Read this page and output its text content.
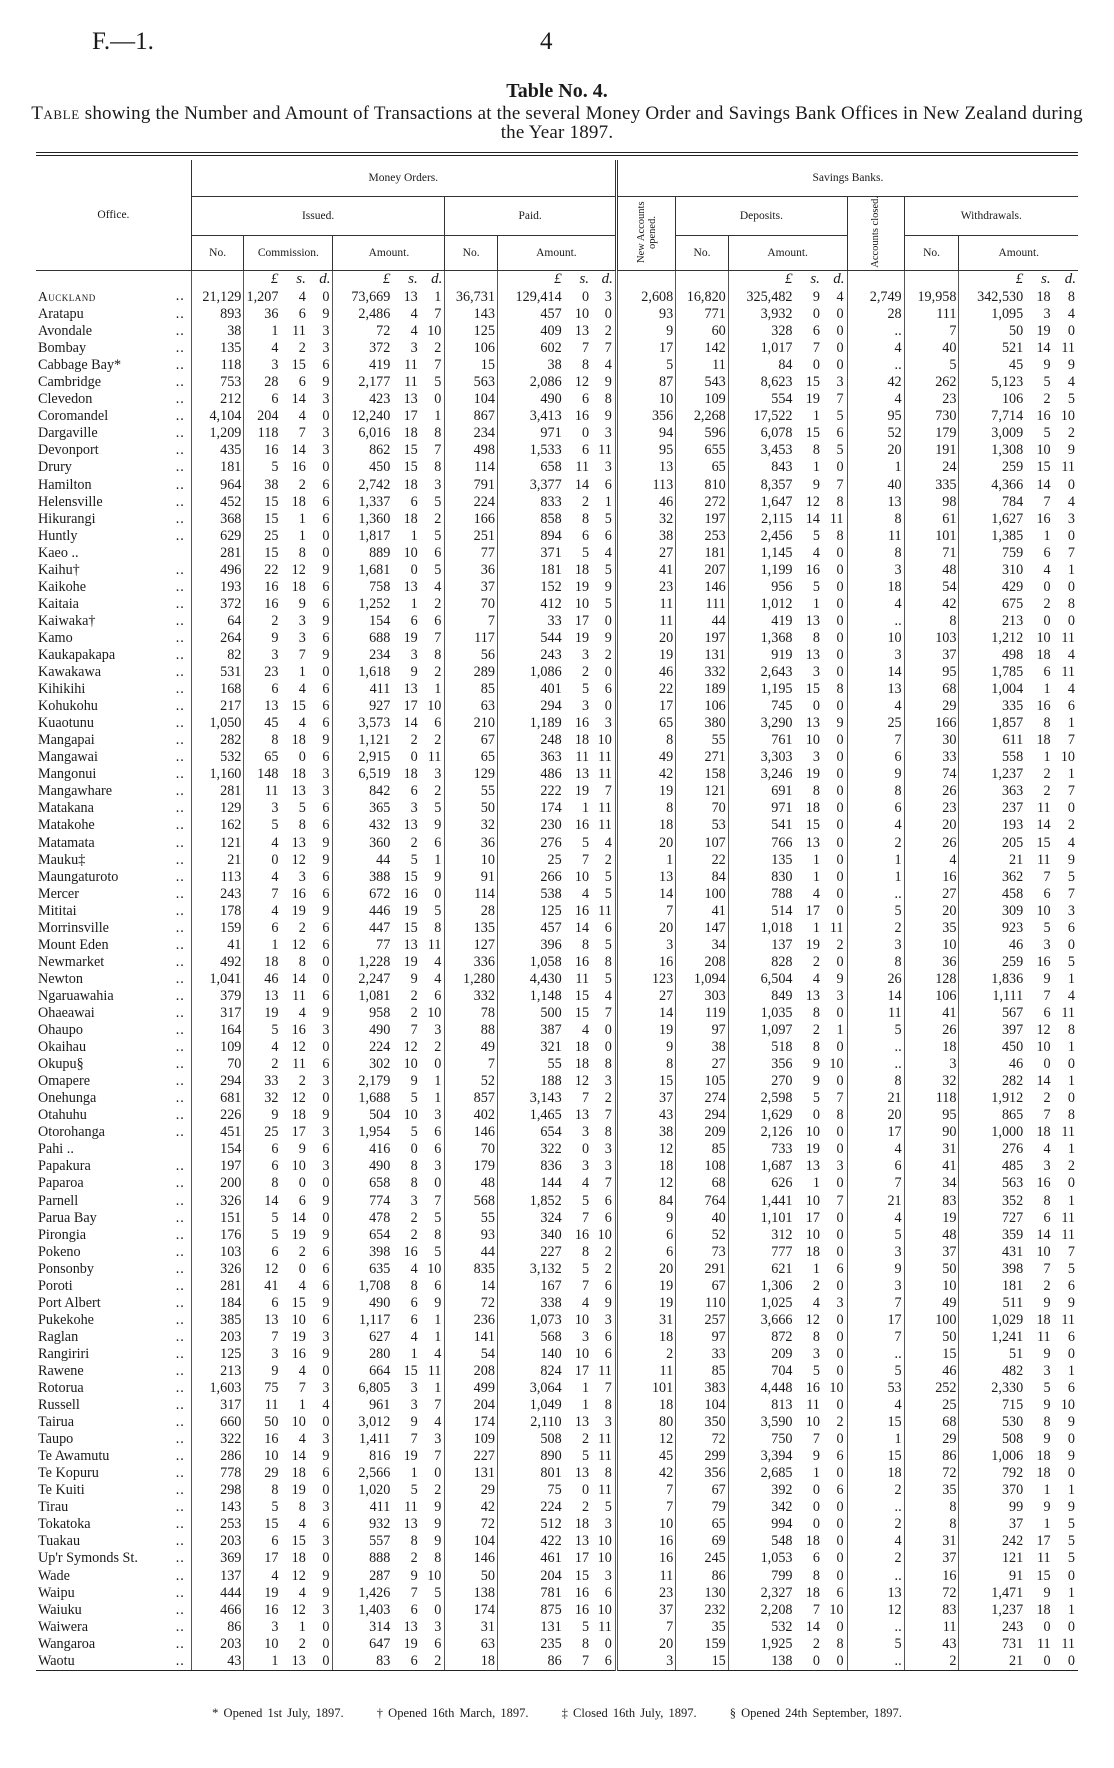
F.—1.	4
Table No. 4.
Table showing the Number and Amount of Transactions at the several Money Order and Savings Bank Offices in New Zealand during the Year 1897.
Office.	Money Orders.											Savings Banks.									
	Issued.							Paid.				New Accounts opened.	Deposits.				Accounts closed.	Withdrawals.			
	No.	Commission.			Amount.			No.	Amount.				No.	Amount.				No.	Amount.		
		£	s.	d.	£	s.	d.		£	s.	d.			£	s.	d.			£	s.	d.
Auckland ..	21,129	1,207	4	0	73,669	13	1	36,731	129,414	0	3	2,608	16,820	325,482	9	4	2,749	19,958	342,530	18	8
Aratapu ..	893	36	6	9	2,486	4	7	143	457	10	0	93	771	3,932	0	0	28	111	1,095	3	4
Avondale ..	38	1	11	3	72	4	10	125	409	13	2	9	60	328	6	0	..	7	50	19	0
Bombay ..	135	4	2	3	372	3	2	106	602	7	7	17	142	1,017	7	0	4	40	521	14	11
Cabbage Bay* ..	118	3	15	6	419	11	7	15	38	8	4	5	11	84	0	0	..	5	45	9	9
Cambridge ..	753	28	6	9	2,177	11	5	563	2,086	12	9	87	543	8,623	15	3	42	262	5,123	5	4
Clevedon ..	212	6	14	3	423	13	0	104	490	6	8	10	109	554	19	7	4	23	106	2	5
Coromandel ..	4,104	204	4	0	12,240	17	1	867	3,413	16	9	356	2,268	17,522	1	5	95	730	7,714	16	10
Dargaville ..	1,209	118	7	3	6,016	18	8	234	971	0	3	94	596	6,078	15	6	52	179	3,009	5	2
Devonport ..	435	16	14	3	862	15	7	498	1,533	6	11	95	655	3,453	8	5	20	191	1,308	10	9
Drury ..	181	5	16	0	450	15	8	114	658	11	3	13	65	843	1	0	1	24	259	15	11
Hamilton ..	964	38	2	6	2,742	18	3	791	3,377	14	6	113	810	8,357	9	7	40	335	4,366	14	0
Helensville ..	452	15	18	6	1,337	6	5	224	833	2	1	46	272	1,647	12	8	13	98	784	7	4
Hikurangi ..	368	15	1	6	1,360	18	2	166	858	8	5	32	197	2,115	14	11	8	61	1,627	16	3
Huntly ..	629	25	1	0	1,817	1	5	251	894	6	6	38	253	2,456	5	8	11	101	1,385	1	0
Kaeo ..	281	15	8	0	889	10	6	77	371	5	4	27	181	1,145	4	0	8	71	759	6	7
Kaihu† ..	496	22	12	9	1,681	0	5	36	181	18	5	41	207	1,199	16	0	3	48	310	4	1
Kaikohe ..	193	16	18	6	758	13	4	37	152	19	9	23	146	956	5	0	18	54	429	0	0
Kaitaia ..	372	16	9	6	1,252	1	2	70	412	10	5	11	111	1,012	1	0	4	42	675	2	8
Kaiwaka† ..	64	2	3	9	154	6	6	7	33	17	0	11	44	419	13	0	..	8	213	0	0
Kamo ..	264	9	3	6	688	19	7	117	544	19	9	20	197	1,368	8	0	10	103	1,212	10	11
Kaukapakapa ..	82	3	7	9	234	3	8	56	243	3	2	19	131	919	13	0	3	37	498	18	4
Kawakawa ..	531	23	1	0	1,618	9	2	289	1,086	2	0	46	332	2,643	3	0	14	95	1,785	6	11
Kihikihi ..	168	6	4	6	411	13	1	85	401	5	6	22	189	1,195	15	8	13	68	1,004	1	4
Kohukohu ..	217	13	15	6	927	17	10	63	294	3	0	17	106	745	0	0	4	29	335	16	6
Kuaotunu ..	1,050	45	4	6	3,573	14	6	210	1,189	16	3	65	380	3,290	13	9	25	166	1,857	8	1
Mangapai ..	282	8	18	9	1,121	2	2	67	248	18	10	8	55	761	10	0	7	30	611	18	7
Mangawai ..	532	65	0	6	2,915	0	11	65	363	11	11	49	271	3,303	3	0	6	33	558	1	10
Mangonui ..	1,160	148	18	3	6,519	18	3	129	486	13	11	42	158	3,246	19	0	9	74	1,237	2	1
Mangawhare ..	281	11	13	3	842	6	2	55	222	19	7	19	121	691	8	0	8	26	363	2	7
Matakana ..	129	3	5	6	365	3	5	50	174	1	11	8	70	971	18	0	6	23	237	11	0
Matakohe ..	162	5	8	6	432	13	9	32	230	16	11	18	53	541	15	0	4	20	193	14	2
Matamata ..	121	4	13	9	360	2	6	36	276	5	4	20	107	766	13	0	2	26	205	15	4
Mauku‡ ..	21	0	12	9	44	5	1	10	25	7	2	1	22	135	1	0	1	4	21	11	9
Maungaturoto ..	113	4	3	6	388	15	9	91	266	10	5	13	84	830	1	0	1	16	362	7	5
Mercer ..	243	7	16	6	672	16	0	114	538	4	5	14	100	788	4	0	..	27	458	6	7
Mititai ..	178	4	19	9	446	19	5	28	125	16	11	7	41	514	17	0	5	20	309	10	3
Morrinsville ..	159	6	2	6	447	15	8	135	457	14	6	20	147	1,018	1	11	2	35	923	5	6
Mount Eden ..	41	1	12	6	77	13	11	127	396	8	5	3	34	137	19	2	3	10	46	3	0
Newmarket ..	492	18	8	0	1,228	19	4	336	1,058	16	8	16	208	828	2	0	8	36	259	16	5
Newton ..	1,041	46	14	0	2,247	9	4	1,280	4,430	11	5	123	1,094	6,504	4	9	26	128	1,836	9	1
Ngaruawahia ..	379	13	11	6	1,081	2	6	332	1,148	15	4	27	303	849	13	3	14	106	1,111	7	4
Ohaeawai ..	317	19	4	9	958	2	10	78	500	15	7	14	119	1,035	8	0	11	41	567	6	11
Ohaupo ..	164	5	16	3	490	7	3	88	387	4	0	19	97	1,097	2	1	5	26	397	12	8
Okaihau ..	109	4	12	0	224	12	2	49	321	18	0	9	38	518	8	0	..	18	450	10	1
Okupu§ ..	70	2	11	6	302	10	0	7	55	18	8	8	27	356	9	10	..	3	46	0	0
Omapere ..	294	33	2	3	2,179	9	1	52	188	12	3	15	105	270	9	0	8	32	282	14	1
Onehunga ..	681	32	12	0	1,688	5	1	857	3,143	7	2	37	274	2,598	5	7	21	118	1,912	2	0
Otahuhu ..	226	9	18	9	504	10	3	402	1,465	13	7	43	294	1,629	0	8	20	95	865	7	8
Otorohanga ..	451	25	17	3	1,954	5	6	146	654	3	8	38	209	2,126	10	0	17	90	1,000	18	11
Pahi ..	154	6	9	6	416	0	6	70	322	0	3	12	85	733	19	0	4	31	276	4	1
Papakura ..	197	6	10	3	490	8	3	179	836	3	3	18	108	1,687	13	3	6	41	485	3	2
Paparoa ..	200	8	0	0	658	8	0	48	144	4	7	12	68	626	1	0	7	34	563	16	0
Parnell ..	326	14	6	9	774	3	7	568	1,852	5	6	84	764	1,441	10	7	21	83	352	8	1
Parua Bay ..	151	5	14	0	478	2	5	55	324	7	6	9	40	1,101	17	0	4	19	727	6	11
Pirongia ..	176	5	19	9	654	2	8	93	340	16	10	6	52	312	10	0	5	48	359	14	11
Pokeno ..	103	6	2	6	398	16	5	44	227	8	2	6	73	777	18	0	3	37	431	10	7
Ponsonby ..	326	12	0	6	635	4	10	835	3,132	5	2	20	291	621	1	6	9	50	398	7	5
Poroti ..	281	41	4	6	1,708	8	6	14	167	7	6	19	67	1,306	2	0	3	10	181	2	6
Port Albert ..	184	6	15	9	490	6	9	72	338	4	9	19	110	1,025	4	3	7	49	511	9	9
Pukekohe ..	385	13	10	6	1,117	6	1	236	1,073	10	3	31	257	3,666	12	0	17	100	1,029	18	11
Raglan ..	203	7	19	3	627	4	1	141	568	3	6	18	97	872	8	0	7	50	1,241	11	6
Rangiriri ..	125	3	16	9	280	1	4	54	140	10	6	2	33	209	3	0	..	15	51	9	0
Rawene ..	213	9	4	0	664	15	11	208	824	17	11	11	85	704	5	0	5	46	482	3	1
Rotorua ..	1,603	75	7	3	6,805	3	1	499	3,064	1	7	101	383	4,448	16	10	53	252	2,330	5	6
Russell ..	317	11	1	4	961	3	7	204	1,049	1	8	18	104	813	11	0	4	25	715	9	10
Tairua ..	660	50	10	0	3,012	9	4	174	2,110	13	3	80	350	3,590	10	2	15	68	530	8	9
Taupo ..	322	16	4	3	1,411	7	3	109	508	2	11	12	72	750	7	0	1	29	508	9	0
Te Awamutu ..	286	10	14	9	816	19	7	227	890	5	11	45	299	3,394	9	6	15	86	1,006	18	9
Te Kopuru ..	778	29	18	6	2,566	1	0	131	801	13	8	42	356	2,685	1	0	18	72	792	18	0
Te Kuiti ..	298	8	19	0	1,020	5	2	29	75	0	11	7	67	392	0	6	2	35	370	1	1
Tirau ..	143	5	8	3	411	11	9	42	224	2	5	7	79	342	0	0	..	8	99	9	9
Tokatoka ..	253	15	4	6	932	13	9	72	512	18	3	10	65	994	0	0	2	8	37	1	5
Tuakau ..	203	6	15	3	557	8	9	104	422	13	10	16	69	548	18	0	4	31	242	17	5
Up'r Symonds St. ..	369	17	18	0	888	2	8	146	461	17	10	16	245	1,053	6	0	2	37	121	11	5
Wade ..	137	4	12	9	287	9	10	50	204	15	3	11	86	799	8	0	..	16	91	15	0
Waipu ..	444	19	4	9	1,426	7	5	138	781	16	6	23	130	2,327	18	6	13	72	1,471	9	1
Waiuku ..	466	16	12	3	1,403	6	0	174	875	16	10	37	232	2,208	7	10	12	83	1,237	18	1
Waiwera ..	86	3	1	0	314	13	3	31	131	5	11	7	35	532	14	0	..	11	243	0	0
Wangaroa ..	203	10	2	0	647	19	6	63	235	8	0	20	159	1,925	2	8	5	43	731	11	11
Waotu ..	43	1	13	0	83	6	2	18	86	7	6	3	15	138	0	0	..	2	21	0	0
* Opened 1st July, 1897.	† Opened 16th March, 1897.	‡ Closed 16th July, 1897.	§ Opened 24th September, 1897.
